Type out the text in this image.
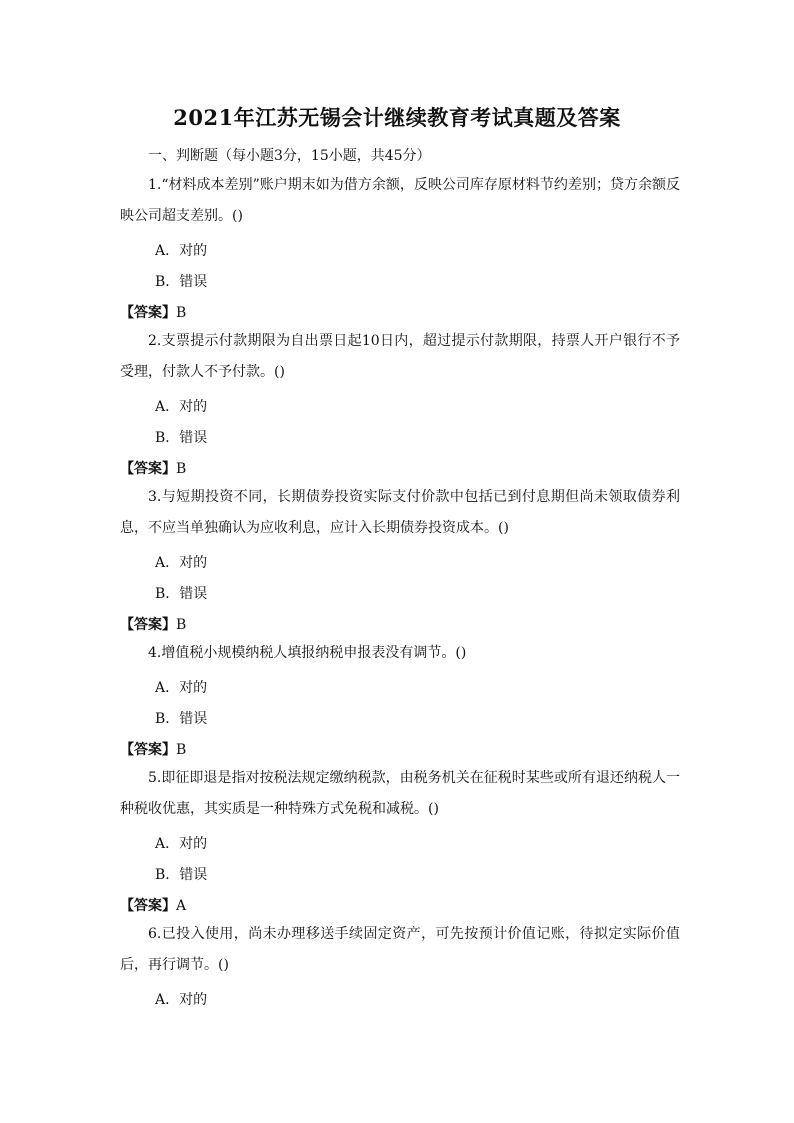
2021年江苏无锡会计继续教育考试真题及答案
一、判断题（每小题3分，15小题，共45分）
1.“材料成本差别”账户期末如为借方余额，反映公司库存原材料节约差别；贷方余额反映公司超支差别。()
A．对的
B．错误
【答案】B
2.支票提示付款期限为自出票日起10日内，超过提示付款期限，持票人开户银行不予受理，付款人不予付款。()
A．对的
B．错误
【答案】B
3.与短期投资不同，长期债券投资实际支付价款中包括已到付息期但尚未领取债券利息，不应当单独确认为应收利息，应计入长期债券投资成本。()
A．对的
B．错误
【答案】B
4.增值税小规模纳税人填报纳税申报表没有调节。()
A．对的
B．错误
【答案】B
5.即征即退是指对按税法规定缴纳税款，由税务机关在征税时某些或所有退还纳税人一种税收优惠，其实质是一种特殊方式免税和减税。()
A．对的
B．错误
【答案】A
6.已投入使用，尚未办理移送手续固定资产，可先按预计价值记账，待拟定实际价值后，再行调节。()
A．对的
